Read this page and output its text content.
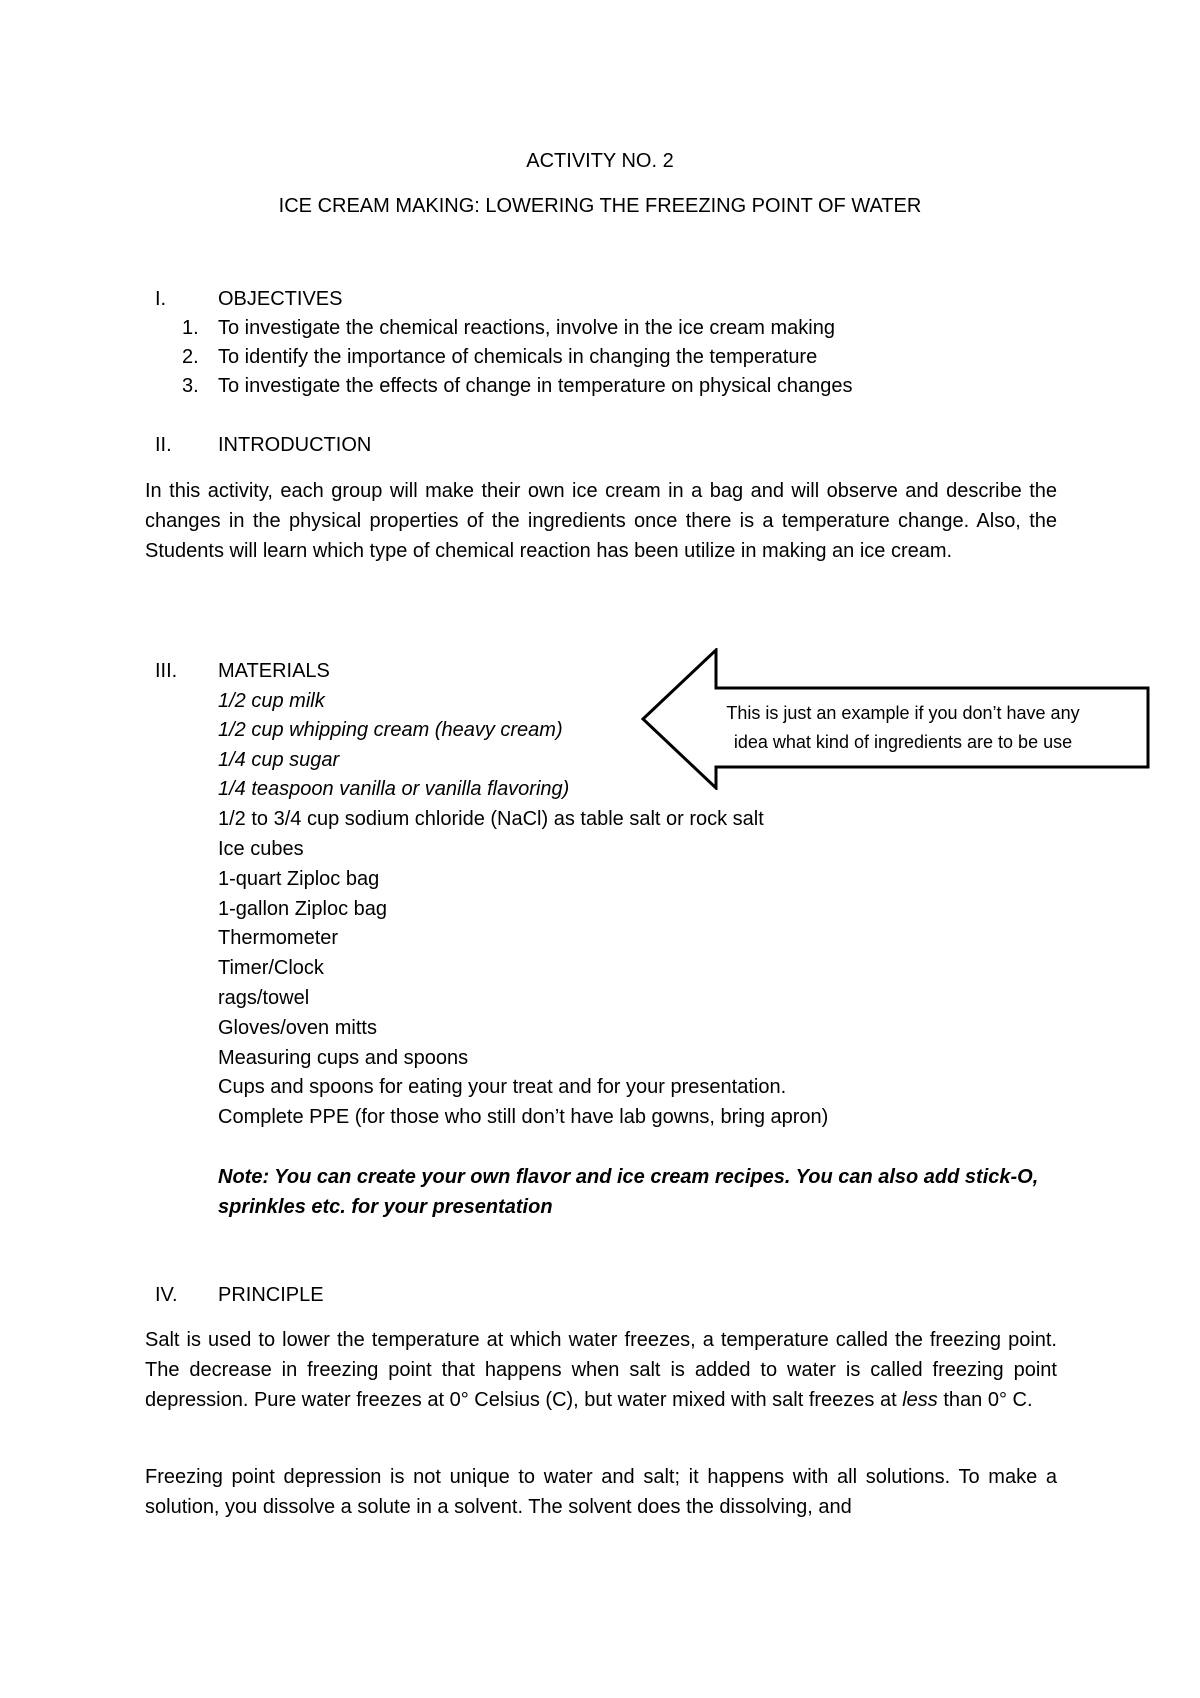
ACTIVITY NO. 2
ICE CREAM MAKING: LOWERING THE FREEZING POINT OF WATER
I.	OBJECTIVES
1. To investigate the chemical reactions, involve in the ice cream making
2. To identify the importance of chemicals in changing the temperature
3. To investigate the effects of change in temperature on physical changes
II.	INTRODUCTION
In this activity, each group will make their own ice cream in a bag and will observe and describe the changes in the physical properties of the ingredients once there is a temperature change. Also, the Students will learn which type of chemical reaction has been utilize in making an ice cream.
III.	MATERIALS
1/2 cup milk
1/2 cup whipping cream (heavy cream)
1/4 cup sugar
1/4 teaspoon vanilla or vanilla flavoring)
1/2 to 3/4 cup sodium chloride (NaCl) as table salt or rock salt
Ice cubes
1-quart Ziploc bag
1-gallon Ziploc bag
Thermometer
Timer/Clock
rags/towel
Gloves/oven mitts
Measuring cups and spoons
Cups and spoons for eating your treat and for your presentation.
Complete PPE (for those who still don’t have lab gowns, bring apron)
Note: You can create your own flavor and ice cream recipes. You can also add stick-O, sprinkles etc. for your presentation
This is just an example if you don’t have any
idea what kind of ingredients are to be use
IV.	PRINCIPLE
Salt is used to lower the temperature at which water freezes, a temperature called the freezing point. The decrease in freezing point that happens when salt is added to water is called freezing point depression. Pure water freezes at 0° Celsius (C), but water mixed with salt freezes at less than 0° C.
Freezing point depression is not unique to water and salt; it happens with all solutions. To make a solution, you dissolve a solute in a solvent. The solvent does the dissolving, and
